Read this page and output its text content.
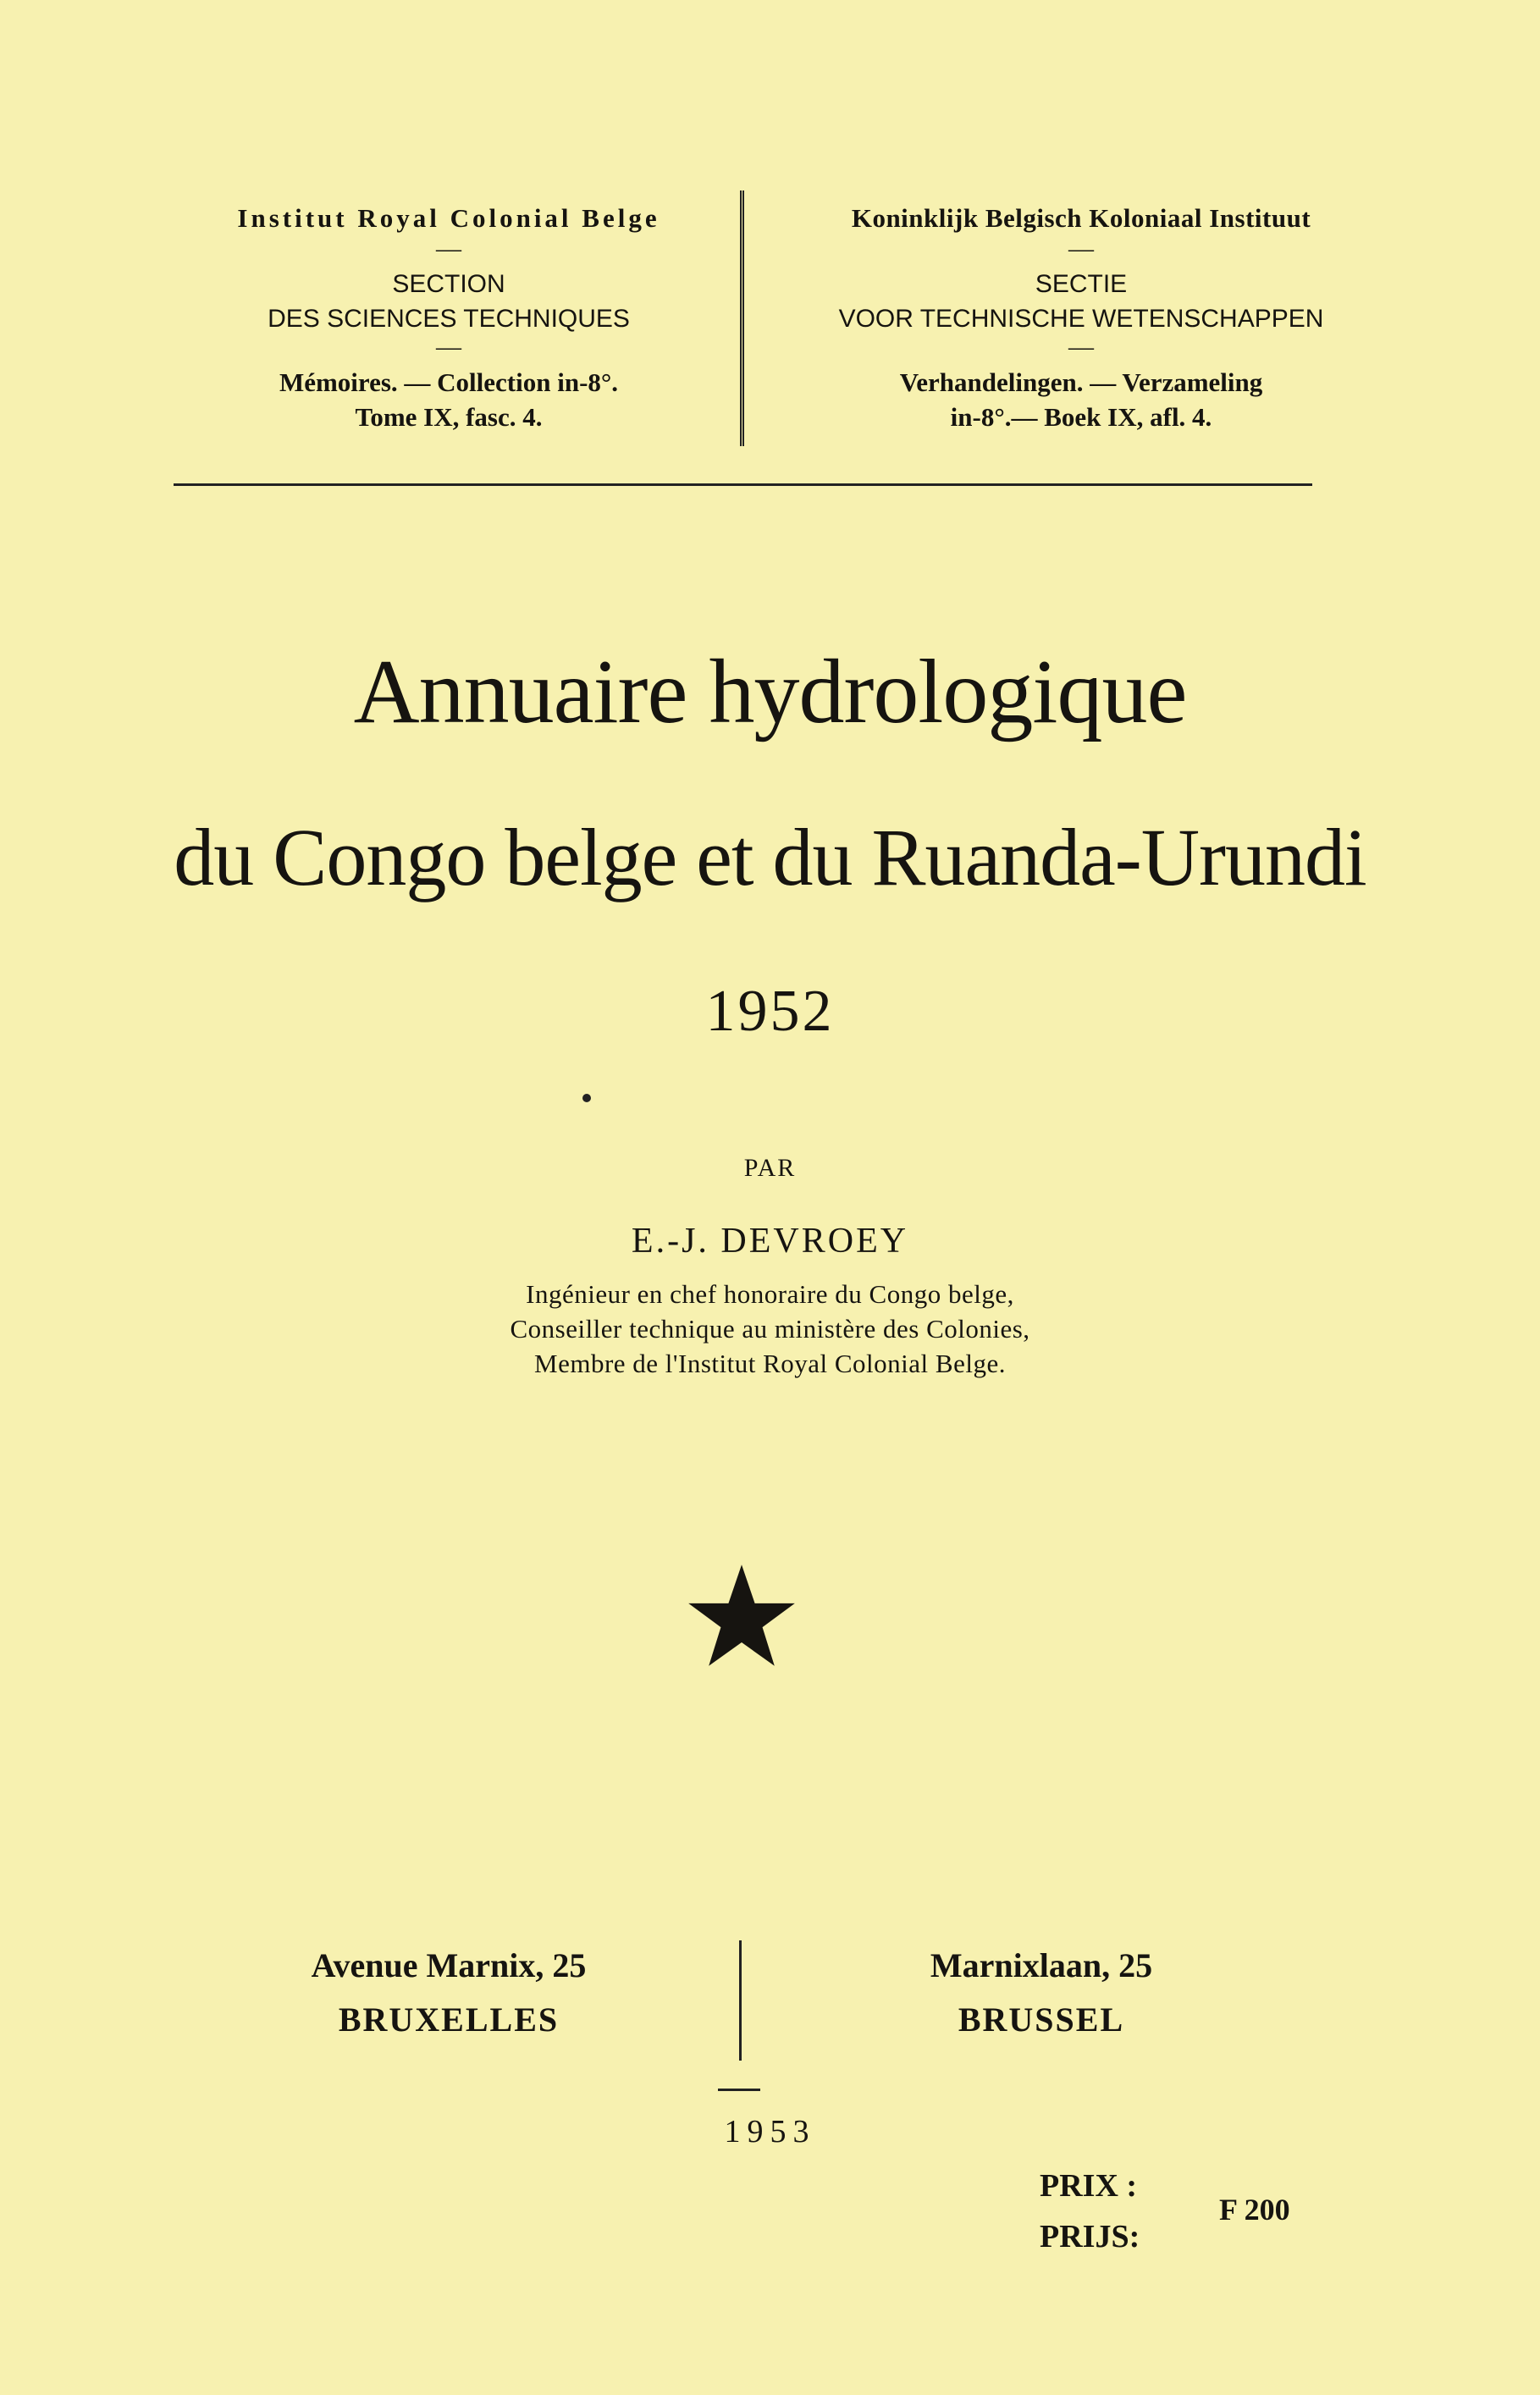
Institut Royal Colonial Belge
—
SECTION
DES SCIENCES TECHNIQUES
—
Mémoires. — Collection in-8°.
Tome IX, fasc. 4.
Koninklijk Belgisch Koloniaal Instituut
—
SECTIE
VOOR TECHNISCHE WETENSCHAPPEN
—
Verhandelingen. — Verzameling
in-8°.— Boek IX, afl. 4.
Annuaire hydrologique
du Congo belge et du Ruanda-Urundi
1952
PAR
E.-J. DEVROEY
Ingénieur en chef honoraire du Congo belge,
Conseiller technique au ministère des Colonies,
Membre de l'Institut Royal Colonial Belge.
Avenue Marnix, 25
BRUXELLES
Marnixlaan, 25
BRUSSEL
1953
PRIX :
PRIJS:
F 200
